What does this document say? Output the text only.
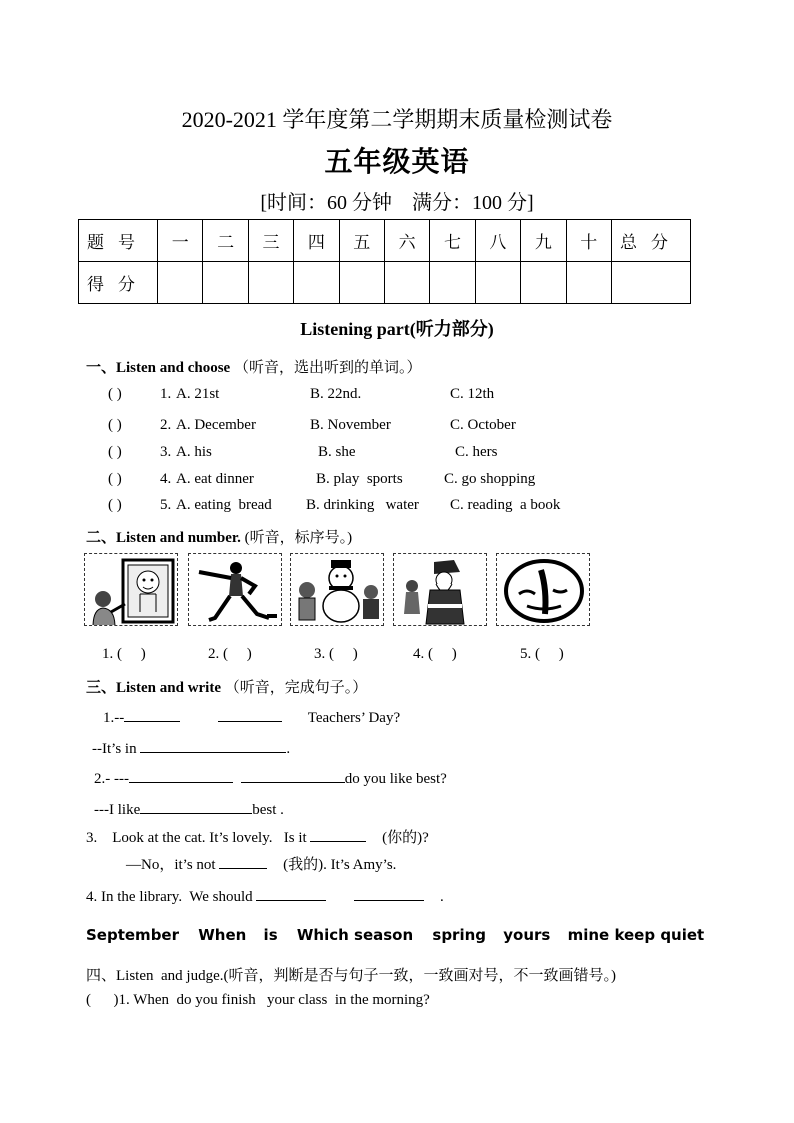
2020-2021 学年度第二学期期末质量检测试卷
五年级英语
[时间：60 分钟    满分：100 分]
题号	一	二	三	四	五	六	七	八	九	十	总分
得分											
Listening part(听力部分)
一、Listen and choose （听音，选出听到的单词。）
( )	1. A. 21st	B. 22nd.	C. 12th
( )	2. A. December	B. November	C. October
( )	3. A. his	B. she	C. hers
( )	4. A. eat dinner	B. play  sports	C. go shopping
( )	5. A. eating  bread B. drinking   water C. reading  a book
二、Listen and number. (听音，标序号。)
1. (     )	2. (     )	3. (     )	4. (     )	5. (     )
三、Listen and write （听音，完成句子。）
1.--	Teachers’ Day?
--It’s in	.
2.- ---	do you like best?
---I like	best .
3.    Look at the cat. It’s lovely.   Is it	(你的)?
—No，it’s not	(我的). It’s Amy’s.
4. In the library.  We should	.
September When is Which season spring yours mine keep quiet
四、Listen  and judge.(听音，判断是否与句子一致，一致画对号，不一致画错号。)
(      )1. When  do you finish   your class  in the morning?
